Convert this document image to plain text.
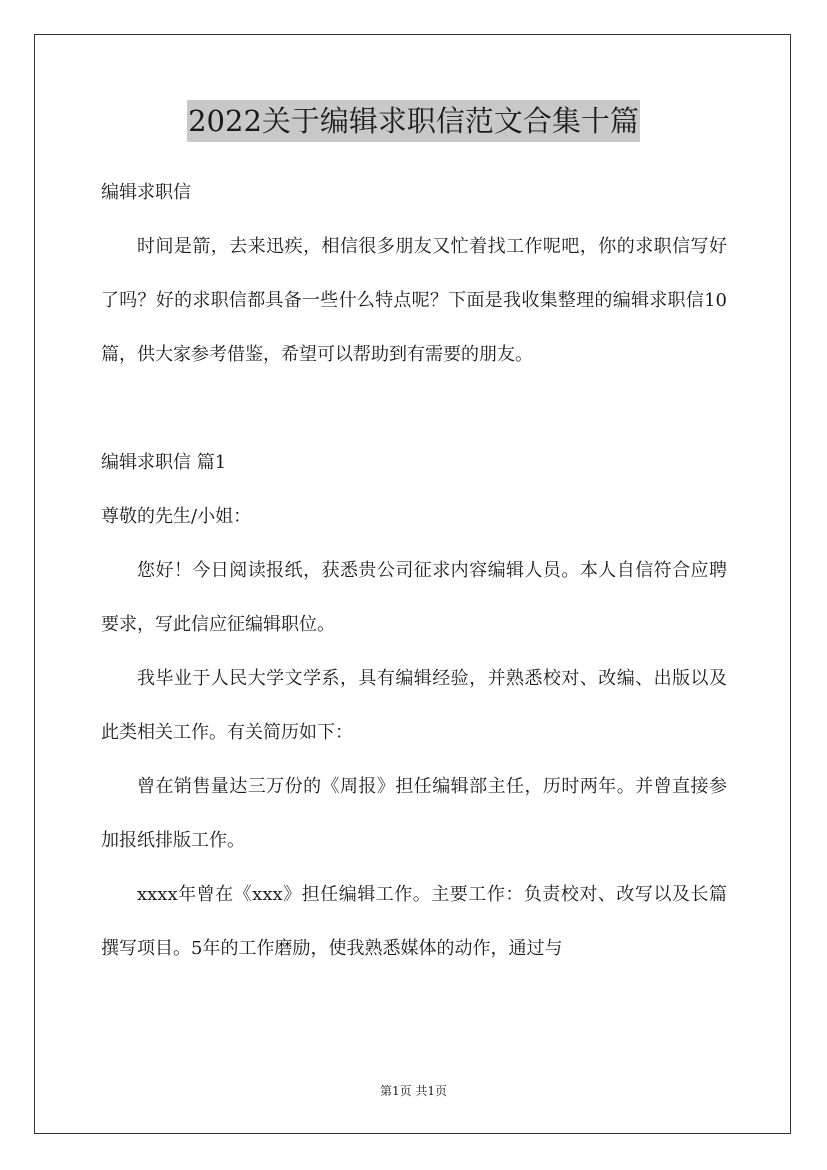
2022关于编辑求职信范文合集十篇

编辑求职信

时间是箭，去来迅疾，相信很多朋友又忙着找工作呢吧，你的求职信写好了吗？好的求职信都具备一些什么特点呢？下面是我收集整理的编辑求职信10篇，供大家参考借鉴，希望可以帮助到有需要的朋友。

编辑求职信 篇1

尊敬的先生/小姐：

您好！今日阅读报纸，获悉贵公司征求内容编辑人员。本人自信符合应聘要求，写此信应征编辑职位。

我毕业于人民大学文学系，具有编辑经验，并熟悉校对、改编、出版以及此类相关工作。有关简历如下：

曾在销售量达三万份的《周报》担任编辑部主任，历时两年。并曾直接参加报纸排版工作。

xxxx年曾在《xxx》担任编辑工作。主要工作：负责校对、改写以及长篇撰写项目。5年的工作磨励，使我熟悉媒体的动作，通过与

第1页 共1页
